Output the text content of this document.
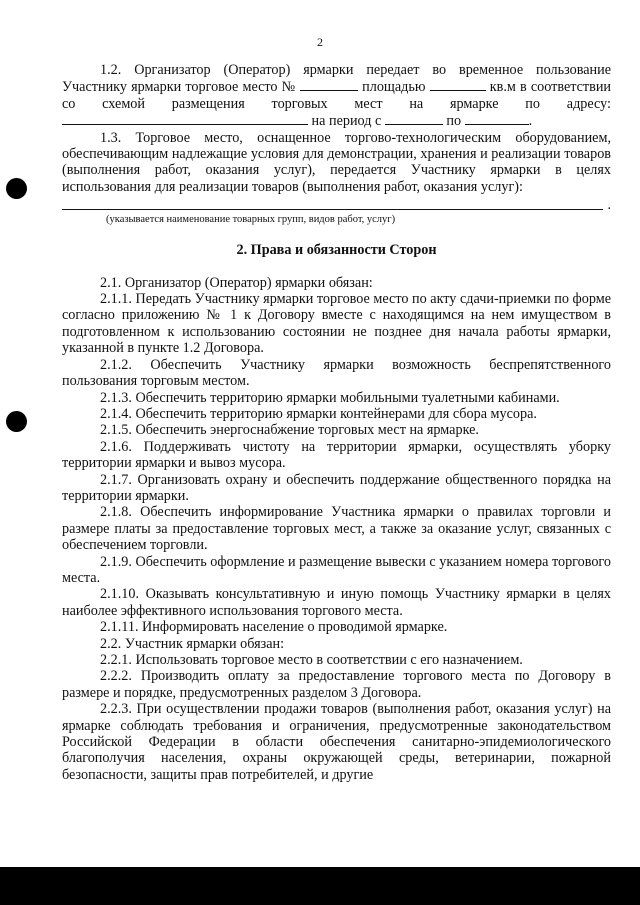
2

1.2. Организатор (Оператор) ярмарки передает во временное пользование Участнику ярмарки торговое место №	площадью	кв.м в соответствии со схемой размещения торговых мест на ярмарке по адресу:  на период с	по	.

1.3. Торговое место, оснащенное торгово-технологическим оборудованием, обеспечивающим надлежащие условия для демонстрации, хранения и реализации товаров (выполнения работ, оказания услуг), передается Участнику ярмарки в целях использования для реализации товаров (выполнения работ, оказания услуг):

.

(указывается наименование товарных групп, видов работ, услуг)

2. Права и обязанности Сторон

2.1. Организатор (Оператор) ярмарки обязан:

2.1.1. Передать Участнику ярмарки торговое место по акту сдачи-приемки по форме согласно приложению № 1 к Договору вместе с находящимся на нем имуществом в подготовленном к использованию состоянии не позднее дня начала работы ярмарки, указанной в пункте 1.2 Договора.

2.1.2. Обеспечить Участнику ярмарки возможность беспрепятственного пользования торговым местом.

2.1.3. Обеспечить территорию ярмарки мобильными туалетными кабинами.

2.1.4. Обеспечить территорию ярмарки контейнерами для сбора мусора.

2.1.5. Обеспечить энергоснабжение торговых мест на ярмарке.

2.1.6. Поддерживать чистоту на территории ярмарки, осуществлять уборку территории ярмарки и вывоз мусора.

2.1.7. Организовать охрану и обеспечить поддержание общественного порядка на территории ярмарки.

2.1.8. Обеспечить информирование Участника ярмарки о правилах торговли и размере платы за предоставление торговых мест, а также за оказание услуг, связанных с обеспечением торговли.

2.1.9. Обеспечить оформление и размещение вывески с указанием номера торгового места.

2.1.10. Оказывать консультативную и иную помощь Участнику ярмарки в целях наиболее эффективного использования торгового места.

2.1.11. Информировать население о проводимой ярмарке.

2.2. Участник ярмарки обязан:

2.2.1. Использовать торговое место в соответствии с его назначением.

2.2.2. Производить оплату за предоставление торгового места по Договору в размере и порядке, предусмотренных разделом 3 Договора.

2.2.3. При осуществлении продажи товаров (выполнения работ, оказания услуг) на ярмарке соблюдать требования и ограничения, предусмотренные законодательством Российской Федерации в области обеспечения санитарно-эпидемиологического благополучия населения, охраны окружающей среды, ветеринарии, пожарной безопасности, защиты прав потребителей, и другие
